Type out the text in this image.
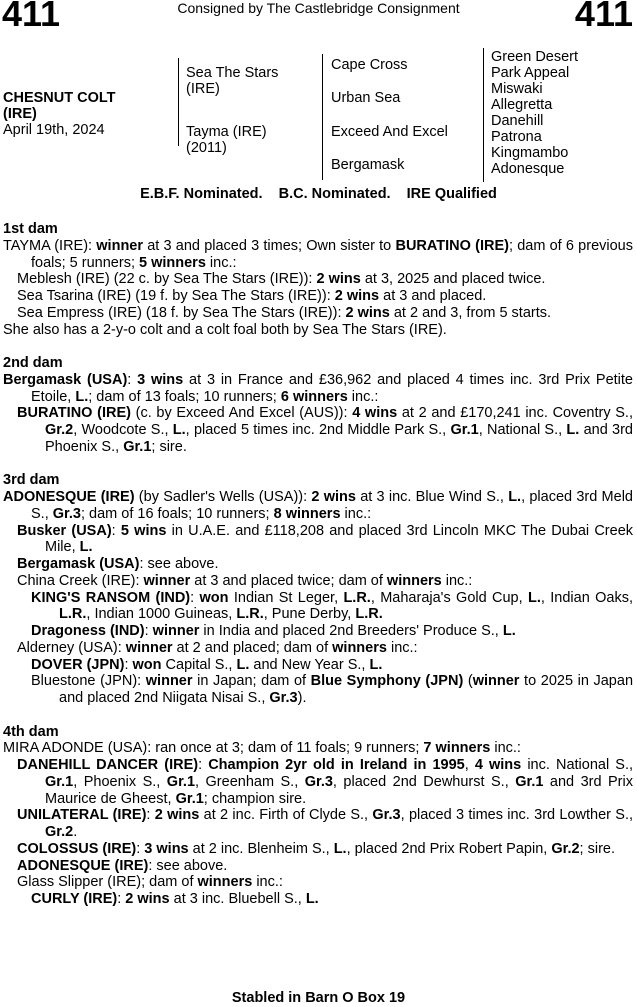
411	Consigned by The Castlebridge Consignment	411
CHESNUT COLT
(IRE)
April 19th, 2024
Sea The Stars
(IRE)
Tayma (IRE)
(2011)
Cape Cross
Urban Sea
Exceed And Excel
Bergamask
Green Desert
Park Appeal
Miswaki
Allegretta
Danehill
Patrona
Kingmambo
Adonesque
E.B.F. Nominated. B.C. Nominated. IRE Qualified
1st dam
TAYMA (IRE): winner at 3 and placed 3 times; Own sister to BURATINO (IRE); dam of 6 previous foals; 5 runners; 5 winners inc.:
Meblesh (IRE) (22 c. by Sea The Stars (IRE)): 2 wins at 3, 2025 and placed twice.
Sea Tsarina (IRE) (19 f. by Sea The Stars (IRE)): 2 wins at 3 and placed.
Sea Empress (IRE) (18 f. by Sea The Stars (IRE)): 2 wins at 2 and 3, from 5 starts.
She also has a 2-y-o colt and a colt foal both by Sea The Stars (IRE).
2nd dam
Bergamask (USA): 3 wins at 3 in France and £36,962 and placed 4 times inc. 3rd Prix Petite Etoile, L.; dam of 13 foals; 10 runners; 6 winners inc.:
BURATINO (IRE) (c. by Exceed And Excel (AUS)): 4 wins at 2 and £170,241 inc. Coventry S., Gr.2, Woodcote S., L., placed 5 times inc. 2nd Middle Park S., Gr.1, National S., L. and 3rd Phoenix S., Gr.1; sire.
3rd dam
ADONESQUE (IRE) (by Sadler's Wells (USA)): 2 wins at 3 inc. Blue Wind S., L., placed 3rd Meld S., Gr.3; dam of 16 foals; 10 runners; 8 winners inc.:
Busker (USA): 5 wins in U.A.E. and £118,208 and placed 3rd Lincoln MKC The Dubai Creek Mile, L.
Bergamask (USA): see above.
China Creek (IRE): winner at 3 and placed twice; dam of winners inc.:
KING'S RANSOM (IND): won Indian St Leger, L.R., Maharaja's Gold Cup, L., Indian Oaks, L.R., Indian 1000 Guineas, L.R., Pune Derby, L.R.
Dragoness (IND): winner in India and placed 2nd Breeders' Produce S., L.
Alderney (USA): winner at 2 and placed; dam of winners inc.:
DOVER (JPN): won Capital S., L. and New Year S., L.
Bluestone (JPN): winner in Japan; dam of Blue Symphony (JPN) (winner to 2025 in Japan and placed 2nd Niigata Nisai S., Gr.3).
4th dam
MIRA ADONDE (USA): ran once at 3; dam of 11 foals; 9 runners; 7 winners inc.:
DANEHILL DANCER (IRE): Champion 2yr old in Ireland in 1995, 4 wins inc. National S., Gr.1, Phoenix S., Gr.1, Greenham S., Gr.3, placed 2nd Dewhurst S., Gr.1 and 3rd Prix Maurice de Gheest, Gr.1; champion sire.
UNILATERAL (IRE): 2 wins at 2 inc. Firth of Clyde S., Gr.3, placed 3 times inc. 3rd Lowther S., Gr.2.
COLOSSUS (IRE): 3 wins at 2 inc. Blenheim S., L., placed 2nd Prix Robert Papin, Gr.2; sire.
ADONESQUE (IRE): see above.
Glass Slipper (IRE); dam of winners inc.:
CURLY (IRE): 2 wins at 3 inc. Bluebell S., L.
Stabled in Barn O Box 19
